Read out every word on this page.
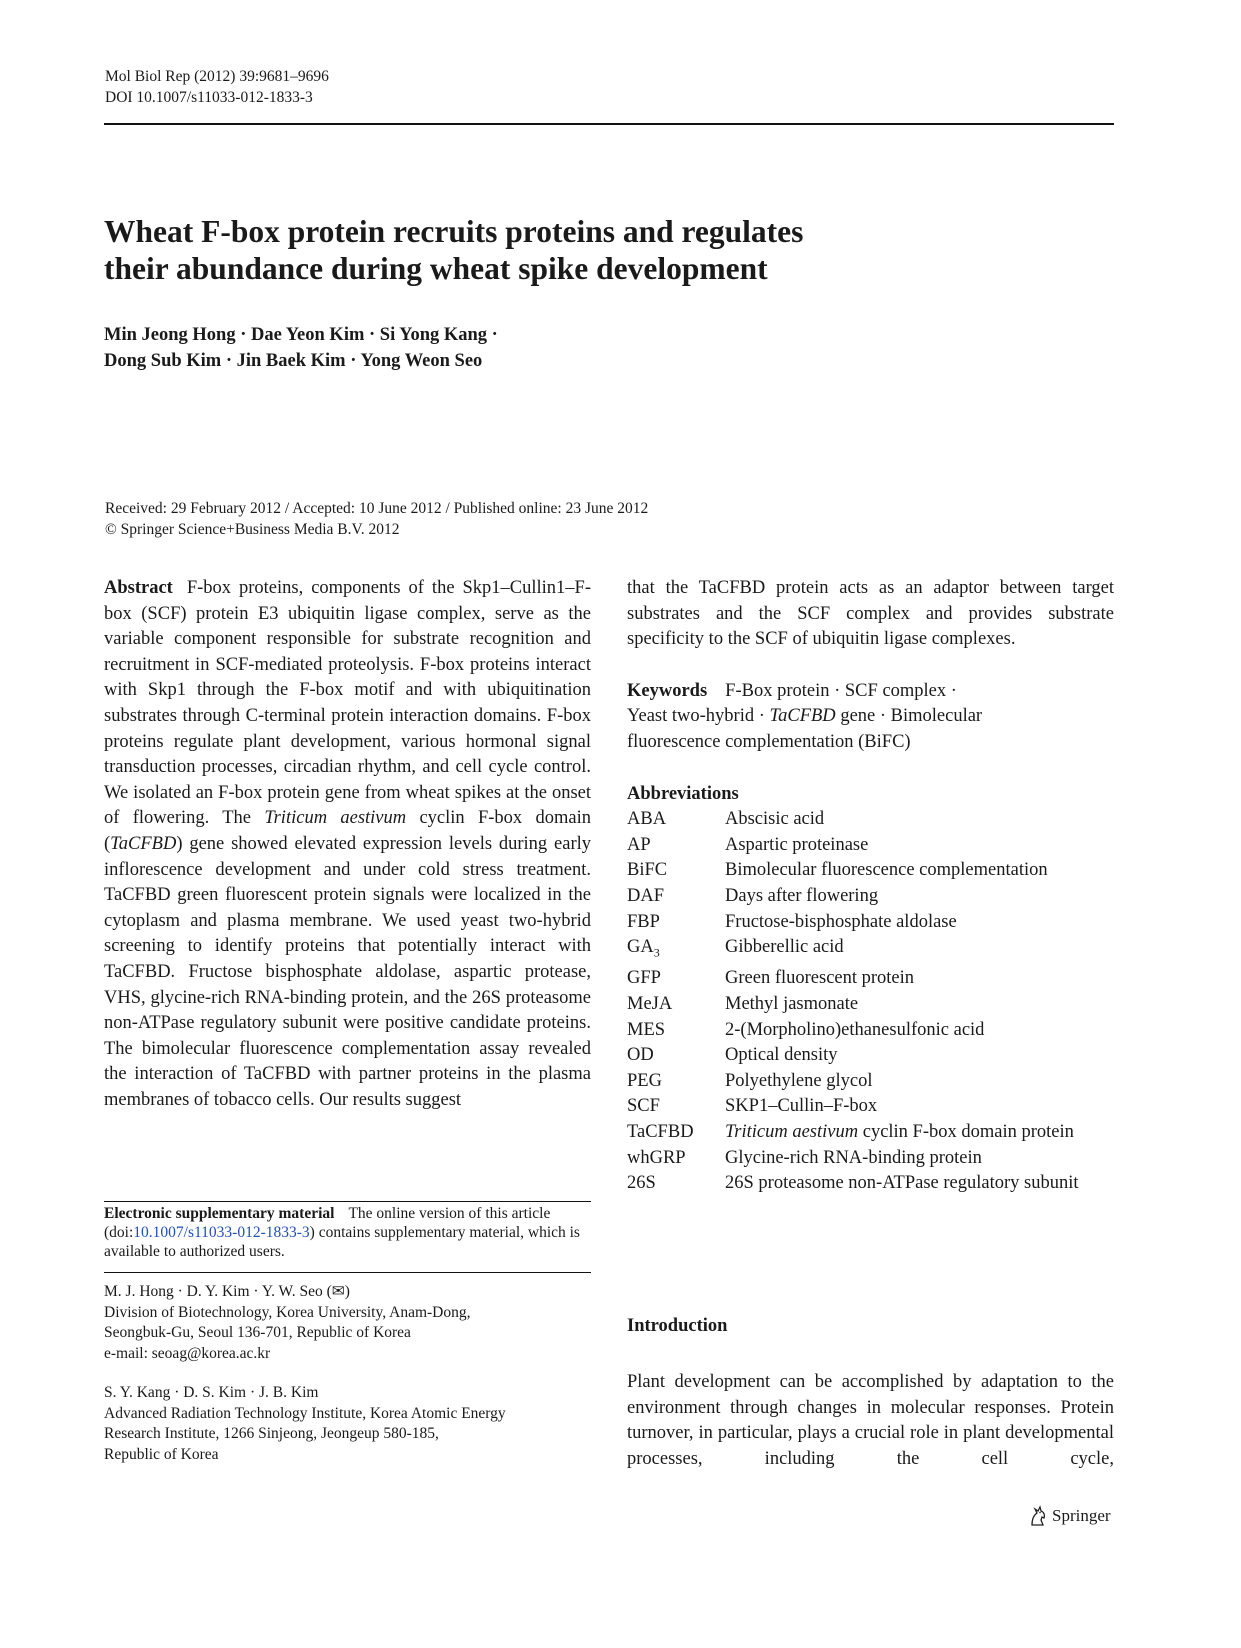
Mol Biol Rep (2012) 39:9681–9696
DOI 10.1007/s11033-012-1833-3
Wheat F-box protein recruits proteins and regulates
their abundance during wheat spike development
Min Jeong Hong · Dae Yeon Kim · Si Yong Kang ·
Dong Sub Kim · Jin Baek Kim · Yong Weon Seo
Received: 29 February 2012 / Accepted: 10 June 2012 / Published online: 23 June 2012
© Springer Science+Business Media B.V. 2012

Abstract F-box proteins, components of the Skp1–Cullin1–F-box (SCF) protein E3 ubiquitin ligase complex, serve as the variable component responsible for substrate recognition and recruitment in SCF-mediated proteolysis. F-box proteins interact with Skp1 through the F-box motif and with ubiquitination substrates through C-terminal protein interaction domains. F-box proteins regulate plant development, various hormonal signal transduction processes, circadian rhythm, and cell cycle control. We isolated an F-box protein gene from wheat spikes at the onset of flowering. The Triticum aestivum cyclin F-box domain (TaCFBD) gene showed elevated expression levels during early inflorescence development and under cold stress treatment. TaCFBD green fluorescent protein signals were localized in the cytoplasm and plasma membrane. We used yeast two-hybrid screening to identify proteins that potentially interact with TaCFBD. Fructose bisphosphate aldolase, aspartic protease, VHS, glycine-rich RNA-binding protein, and the 26S proteasome non-ATPase regulatory subunit were positive candidate proteins. The bimolecular fluorescence complementation assay revealed the interaction of TaCFBD with partner proteins in the plasma membranes of tobacco cells. Our results suggest

Electronic supplementary material The online version of this article (doi:10.1007/s11033-012-1833-3) contains supplementary material, which is available to authorized users.
M. J. Hong · D. Y. Kim · Y. W. Seo (✉)
Division of Biotechnology, Korea University, Anam-Dong,
Seongbuk-Gu, Seoul 136-701, Republic of Korea
e-mail: seoag@korea.ac.kr
S. Y. Kang · D. S. Kim · J. B. Kim
Advanced Radiation Technology Institute, Korea Atomic Energy
Research Institute, 1266 Sinjeong, Jeongeup 580-185,
Republic of Korea

that the TaCFBD protein acts as an adaptor between target substrates and the SCF complex and provides substrate specificity to the SCF of ubiquitin ligase complexes.

Keywords F-Box protein · SCF complex ·
Yeast two-hybrid · TaCFBD gene · Bimolecular
fluorescence complementation (BiFC)
Abbreviations
ABA	Abscisic acid
AP	Aspartic proteinase
BiFC	Bimolecular fluorescence complementation
DAF	Days after flowering
FBP	Fructose-bisphosphate aldolase
$GA_3$	Gibberellic acid
GFP	Green fluorescent protein
MeJA	Methyl jasmonate
MES	2-(Morpholino)ethanesulfonic acid
OD	Optical density
PEG	Polyethylene glycol
SCF	SKP1–Cullin–F-box
TaCFBD	Triticum aestivum cyclin F-box domain protein
whGRP	Glycine-rich RNA-binding protein
26S	26S proteasome non-ATPase regulatory subunit
Introduction

Plant development can be accomplished by adaptation to the environment through changes in molecular responses. Protein turnover, in particular, plays a crucial role in plant developmental processes, including the cell cycle,

Springer
